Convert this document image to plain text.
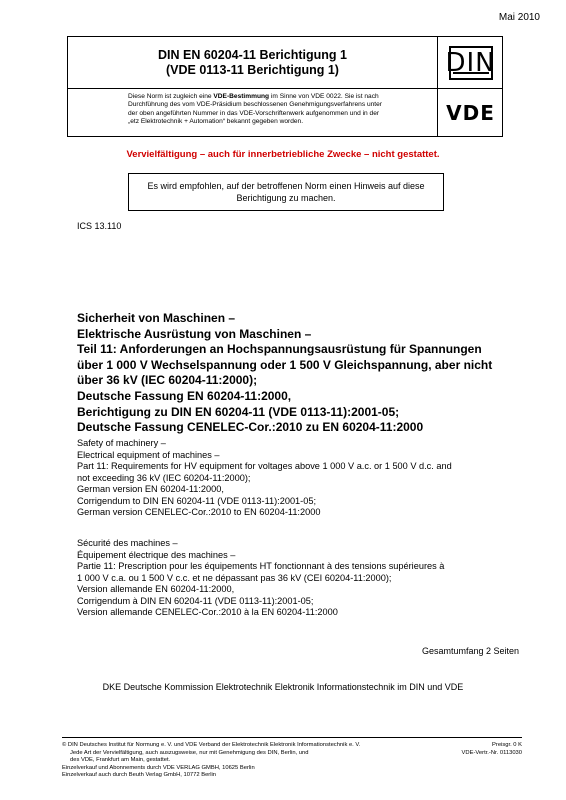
Mai 2010
DIN EN 60204-11 Berichtigung 1
(VDE 0113-11 Berichtigung 1)	DIN
Diese Norm ist zugleich eine VDE-Bestimmung im Sinne von VDE 0022. Sie ist nach
Durchführung des vom VDE-Präsidium beschlossenen Genehmigungsverfahrens unter
der oben angeführten Nummer in das VDE-Vorschriftenwerk aufgenommen und in der
„etz Elektrotechnik + Automation“ bekannt gegeben worden.	VDE
Vervielfältigung – auch für innerbetriebliche Zwecke – nicht gestattet.
Es wird empfohlen, auf der betroffenen Norm einen Hinweis auf diese
Berichtigung zu machen.
ICS 13.110
Sicherheit von Maschinen –
Elektrische Ausrüstung von Maschinen –
Teil 11: Anforderungen an Hochspannungsausrüstung für Spannungen
über 1 000 V Wechselspannung oder 1 500 V Gleichspannung, aber nicht
über 36 kV (IEC 60204-11:2000);
Deutsche Fassung EN 60204-11:2000,
Berichtigung zu DIN EN 60204-11 (VDE 0113-11):2001-05;
Deutsche Fassung CENELEC-Cor.:2010 zu EN 60204-11:2000
Safety of machinery –
Electrical equipment of machines –
Part 11: Requirements for HV equipment for voltages above 1 000 V a.c. or 1 500 V d.c. and
not exceeding 36 kV (IEC 60204-11:2000);
German version EN 60204-11:2000,
Corrigendum to DIN EN 60204-11 (VDE 0113-11):2001-05;
German version CENELEC-Cor.:2010 to EN 60204-11:2000
Sécurité des machines –
Équipement électrique des machines –
Partie 11: Prescription pour les équipements HT fonctionnant à des tensions supérieures à
1 000 V c.a. ou 1 500 V c.c. et ne dépassant pas 36 kV (CEI 60204-11:2000);
Version allemande EN 60204-11:2000,
Corrigendum à DIN EN 60204-11 (VDE 0113-11):2001-05;
Version allemande CENELEC-Cor.:2010 à la EN 60204-11:2000
Gesamtumfang 2 Seiten
DKE Deutsche Kommission Elektrotechnik Elektronik Informationstechnik im DIN und VDE
© DIN Deutsches Institut für Normung e. V. und VDE Verband der Elektrotechnik Elektronik Informationstechnik e. V.
Jede Art der Vervielfältigung, auch auszugsweise, nur mit Genehmigung des DIN, Berlin, und
des VDE, Frankfurt am Main, gestattet.
Einzelverkauf und Abonnements durch VDE VERLAG GMBH, 10625 Berlin
Einzelverkauf auch durch Beuth Verlag GmbH, 10772 Berlin
Preisgr. 0 K
VDE-Vertr.-Nr. 0113030
